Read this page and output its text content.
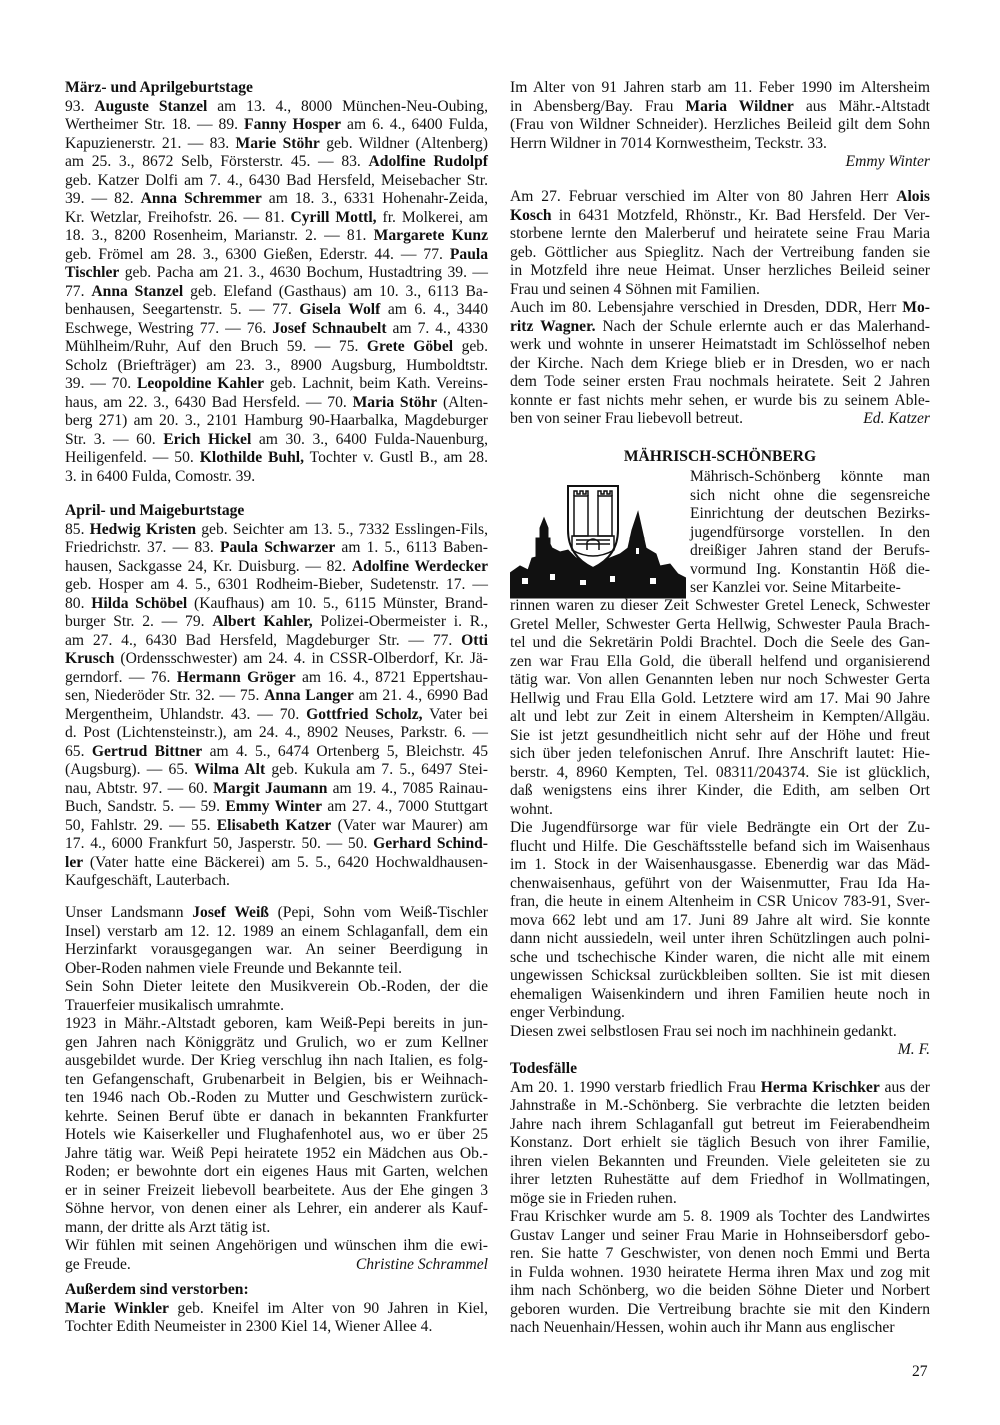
März- und Aprilgeburtstage
93. Auguste Stanzel am 13. 4., 8000 München-Neu-Oubing,
Wertheimer Str. 18. — 89. Fanny Hosper am 6. 4., 6400 Fulda,
Kapuzienerstr. 21. — 83. Marie Stöhr geb. Wildner (Altenberg)
am 25. 3., 8672 Selb, Försterstr. 45. — 83. Adolfine Rudolpf
geb. Katzer Dolfi am 7. 4., 6430 Bad Hersfeld, Meisebacher Str.
39. — 82. Anna Schremmer am 18. 3., 6331 Hohenahr-Zeida,
Kr. Wetzlar, Freihofstr. 26. — 81. Cyrill Mottl, fr. Molkerei, am
18. 3., 8200 Rosenheim, Marianstr. 2. — 81. Margarete Kunz
geb. Frömel am 28. 3., 6300 Gießen, Ederstr. 44. — 77. Paula
Tischler geb. Pacha am 21. 3., 4630 Bochum, Hustadtring 39. —
77. Anna Stanzel geb. Elefand (Gasthaus) am 10. 3., 6113 Ba-
benhausen, Seegartenstr. 5. — 77. Gisela Wolf am 6. 4., 3440
Eschwege, Westring 77. — 76. Josef Schnaubelt am 7. 4., 4330
Mühlheim/Ruhr, Auf den Bruch 59. — 75. Grete Göbel geb.
Scholz (Briefträger) am 23. 3., 8900 Augsburg, Humboldtstr.
39. — 70. Leopoldine Kahler geb. Lachnit, beim Kath. Vereins-
haus, am 22. 3., 6430 Bad Hersfeld. — 70. Maria Stöhr (Alten-
berg 271) am 20. 3., 2101 Hamburg 90-Haarbalka, Magdeburger
Str. 3. — 60. Erich Hickel am 30. 3., 6400 Fulda-Nauenburg,
Heiligenfeld. — 50. Klothilde Buhl, Tochter v. Gustl B., am 28.
3. in 6400 Fulda, Comostr. 39.
April- und Maigeburtstage
85. Hedwig Kristen geb. Seichter am 13. 5., 7332 Esslingen-Fils,
Friedrichstr. 37. — 83. Paula Schwarzer am 1. 5., 6113 Baben-
hausen, Sackgasse 24, Kr. Duisburg. — 82. Adolfine Werdecker
geb. Hosper am 4. 5., 6301 Rodheim-Bieber, Sudetenstr. 17. —
80. Hilda Schöbel (Kaufhaus) am 10. 5., 6115 Münster, Brand-
burger Str. 2. — 79. Albert Kahler, Polizei-Obermeister i. R.,
am 27. 4., 6430 Bad Hersfeld, Magdeburger Str. — 77. Otti
Krusch (Ordensschwester) am 24. 4. in CSSR-Olberdorf, Kr. Jä-
gerndorf. — 76. Hermann Gröger am 16. 4., 8721 Eppertshau-
sen, Niederöder Str. 32. — 75. Anna Langer am 21. 4., 6990 Bad
Mergentheim, Uhlandstr. 43. — 70. Gottfried Scholz, Vater bei
d. Post (Lichtensteinstr.), am 24. 4., 8902 Neuses, Parkstr. 6. —
65. Gertrud Bittner am 4. 5., 6474 Ortenberg 5, Bleichstr. 45
(Augsburg). — 65. Wilma Alt geb. Kukula am 7. 5., 6497 Stei-
nau, Abtstr. 97. — 60. Margit Jaumann am 19. 4., 7085 Rainau-
Buch, Sandstr. 5. — 59. Emmy Winter am 27. 4., 7000 Stuttgart
50, Fahlstr. 29. — 55. Elisabeth Katzer (Vater war Maurer) am
17. 4., 6000 Frankfurt 50, Jasperstr. 50. — 50. Gerhard Schind-
ler (Vater hatte eine Bäckerei) am 5. 5., 6420 Hochwaldhausen-
Kaufgeschäft, Lauterbach.
Unser Landsmann Josef Weiß (Pepi, Sohn vom Weiß-Tischler
Insel) verstarb am 12. 12. 1989 an einem Schlaganfall, dem ein
Herzinfarkt vorausgegangen war. An seiner Beerdigung in
Ober-Roden nahmen viele Freunde und Bekannte teil.
Sein Sohn Dieter leitete den Musikverein Ob.-Roden, der die
Trauerfeier musikalisch umrahmte.
1923 in Mähr.-Altstadt geboren, kam Weiß-Pepi bereits in jun-
gen Jahren nach Königgrätz und Grulich, wo er zum Kellner
ausgebildet wurde. Der Krieg verschlug ihn nach Italien, es folg-
ten Gefangenschaft, Grubenarbeit in Belgien, bis er Weihnach-
ten 1946 nach Ob.-Roden zu Mutter und Geschwistern zurück-
kehrte. Seinen Beruf übte er danach in bekannten Frankfurter
Hotels wie Kaiserkeller und Flughafenhotel aus, wo er über 25
Jahre tätig war. Weiß Pepi heiratete 1952 ein Mädchen aus Ob.-
Roden; er bewohnte dort ein eigenes Haus mit Garten, welchen
er in seiner Freizeit liebevoll bearbeitete. Aus der Ehe gingen 3
Söhne hervor, von denen einer als Lehrer, ein anderer als Kauf-
mann, der dritte als Arzt tätig ist.
Wir fühlen mit seinen Angehörigen und wünschen ihm die ewi-
ge Freude.	Christine Schrammel
Außerdem sind verstorben:
Marie Winkler geb. Kneifel im Alter von 90 Jahren in Kiel,
Tochter Edith Neumeister in 2300 Kiel 14, Wiener Allee 4.
Im Alter von 91 Jahren starb am 11. Feber 1990 im Altersheim
in Abensberg/Bay. Frau Maria Wildner aus Mähr.-Altstadt
(Frau von Wildner Schneider). Herzliches Beileid gilt dem Sohn
Herrn Wildner in 7014 Kornwestheim, Teckstr. 33.
Emmy Winter
Am 27. Februar verschied im Alter von 80 Jahren Herr Alois
Kosch in 6431 Motzfeld, Rhönstr., Kr. Bad Hersfeld. Der Ver-
storbene lernte den Malerberuf und heiratete seine Frau Maria
geb. Göttlicher aus Spieglitz. Nach der Vertreibung fanden sie
in Motzfeld ihre neue Heimat. Unser herzliches Beileid seiner
Frau und seinen 4 Söhnen mit Familien.
Auch im 80. Lebensjahre verschied in Dresden, DDR, Herr Mo-
ritz Wagner. Nach der Schule erlernte auch er das Malerhand-
werk und wohnte in unserer Heimatstadt im Schlösselhof neben
der Kirche. Nach dem Kriege blieb er in Dresden, wo er nach
dem Tode seiner ersten Frau nochmals heiratete. Seit 2 Jahren
konnte er fast nichts mehr sehen, er wurde bis zu seinem Able-
ben von seiner Frau liebevoll betreut.	Ed. Katzer
MÄHRISCH-SCHÖNBERG
Mährisch-Schönberg könnte man
sich nicht ohne die segensreiche
Einrichtung der deutschen Bezirks-
jugendfürsorge vorstellen. In den
dreißiger Jahren stand der Berufs-
vormund Ing. Konstantin Höß die-
ser Kanzlei vor. Seine Mitarbeite-
rinnen waren zu dieser Zeit Schwester Gretel Leneck, Schwester
Gretel Meller, Schwester Gerta Hellwig, Schwester Paula Brach-
tel und die Sekretärin Poldi Brachtel. Doch die Seele des Gan-
zen war Frau Ella Gold, die überall helfend und organisierend
tätig war. Von allen Genannten leben nur noch Schwester Gerta
Hellwig und Frau Ella Gold. Letztere wird am 17. Mai 90 Jahre
alt und lebt zur Zeit in einem Altersheim in Kempten/Allgäu.
Sie ist jetzt gesundheitlich nicht sehr auf der Höhe und freut
sich über jeden telefonischen Anruf. Ihre Anschrift lautet: Hie-
berstr. 4, 8960 Kempten, Tel. 08311/204374. Sie ist glücklich,
daß wenigstens eins ihrer Kinder, die Edith, am selben Ort
wohnt.
Die Jugendfürsorge war für viele Bedrängte ein Ort der Zu-
flucht und Hilfe. Die Geschäftsstelle befand sich im Waisenhaus
im 1. Stock in der Waisenhausgasse. Ebenerdig war das Mäd-
chenwaisenhaus, geführt von der Waisenmutter, Frau Ida Ha-
fran, die heute in einem Altenheim in CSR Unicov 783-91, Sver-
mova 662 lebt und am 17. Juni 89 Jahre alt wird. Sie konnte
dann nicht aussiedeln, weil unter ihren Schützlingen auch polni-
sche und tschechische Kinder waren, die nicht alle mit einem
ungewissen Schicksal zurückbleiben sollten. Sie ist mit diesen
ehemaligen Waisenkindern und ihren Familien heute noch in
enger Verbindung.
Diesen zwei selbstlosen Frau sei noch im nachhinein gedankt.
M. F.
Todesfälle
Am 20. 1. 1990 verstarb friedlich Frau Herma Krischker aus der
Jahnstraße in M.-Schönberg. Sie verbrachte die letzten beiden
Jahre nach ihrem Schlaganfall gut betreut im Feierabendheim
Konstanz. Dort erhielt sie täglich Besuch von ihrer Familie,
ihren vielen Bekannten und Freunden. Viele geleiteten sie zu
ihrer letzten Ruhestätte auf dem Friedhof in Wollmatingen,
möge sie in Frieden ruhen.
Frau Krischker wurde am 5. 8. 1909 als Tochter des Landwirtes
Gustav Langer und seiner Frau Marie in Hohnseibersdorf gebo-
ren. Sie hatte 7 Geschwister, von denen noch Emmi und Berta
in Fulda wohnen. 1930 heiratete Herma ihren Max und zog mit
ihm nach Schönberg, wo die beiden Söhne Dieter und Norbert
geboren wurden. Die Vertreibung brachte sie mit den Kindern
nach Neuenhain/Hessen, wohin auch ihr Mann aus englischer
27
